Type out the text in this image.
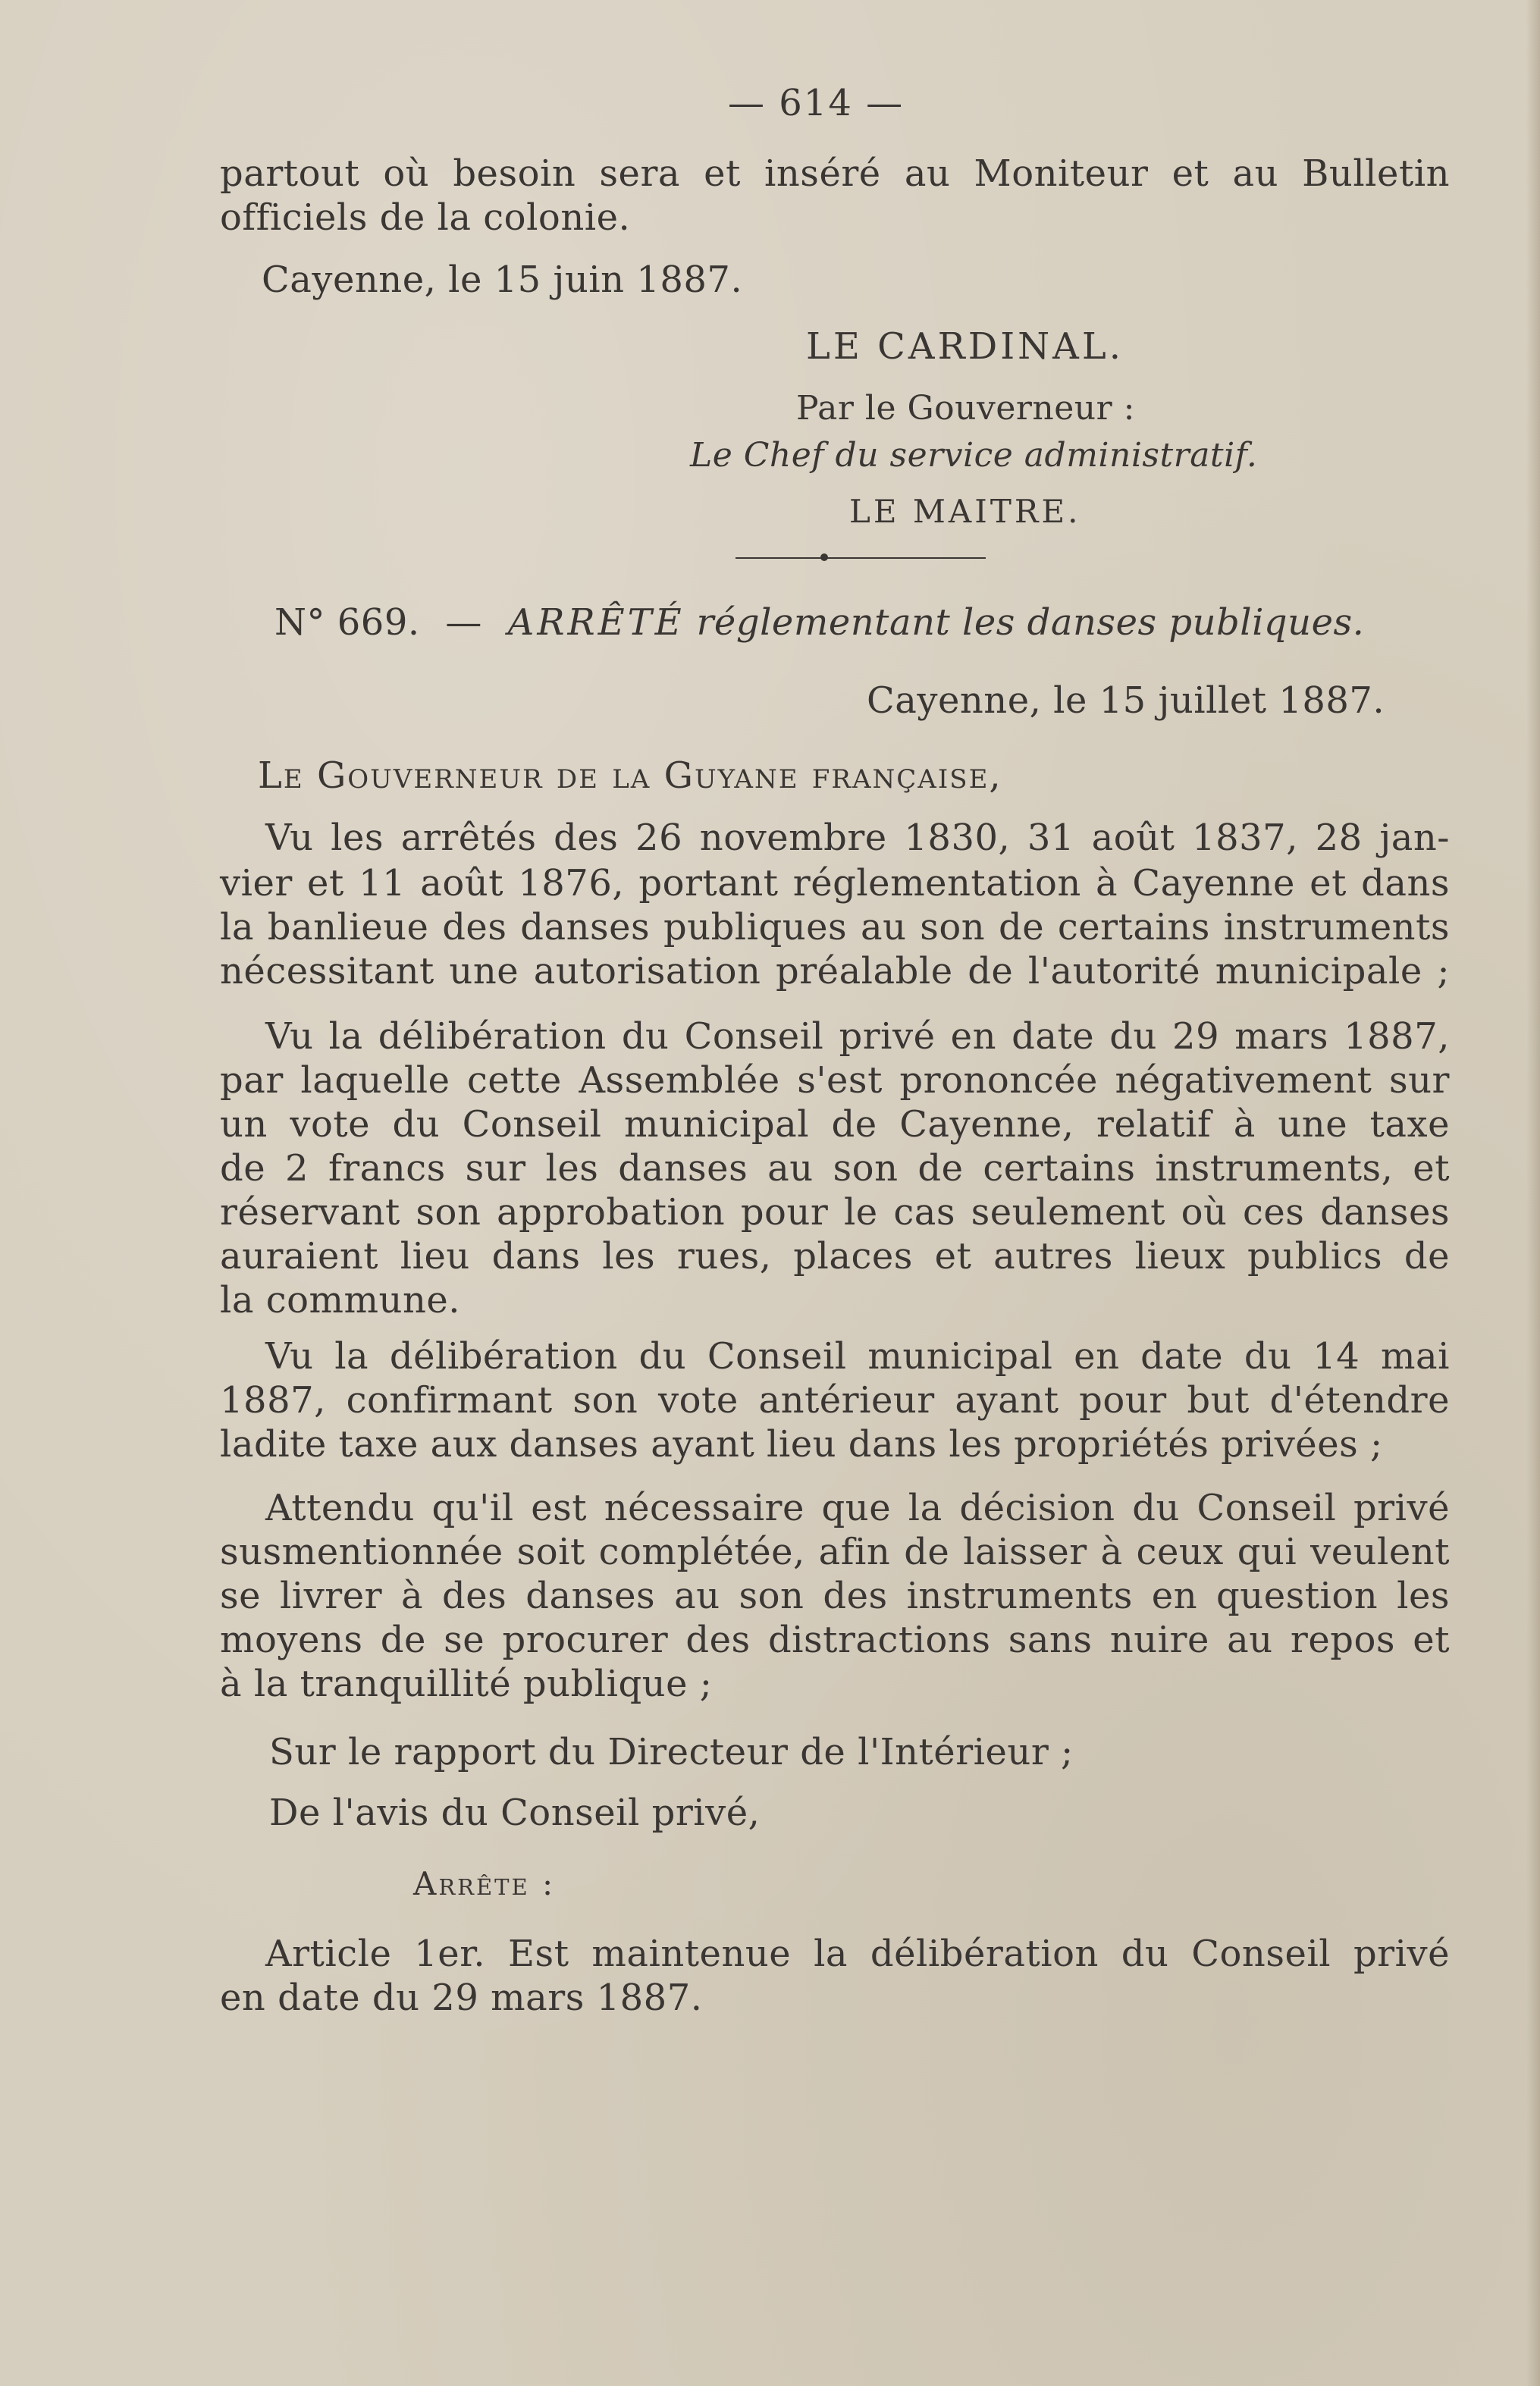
— 614 —
partout où besoin sera et inséré au Moniteur et au Bulletin
officiels de la colonie.
Cayenne, le 15 juin 1887.
LE CARDINAL.
Par le Gouverneur :
Le Chef du service administratif.
LE MAITRE.
N° 669. — ARRÊTÉ réglementant les danses publiques.
Cayenne, le 15 juillet 1887.
Le Gouverneur de la Guyane française,
Vu les arrêtés des 26 novembre 1830, 31 août 1837, 28 jan-
vier et 11 août 1876, portant réglementation à Cayenne et dans
la banlieue des danses publiques au son de certains instruments
nécessitant une autorisation préalable de l'autorité municipale ;
Vu la délibération du Conseil privé en date du 29 mars 1887,
par laquelle cette Assemblée s'est prononcée négativement sur
un vote du Conseil municipal de Cayenne, relatif à une taxe
de 2 francs sur les danses au son de certains instruments, et
réservant son approbation pour le cas seulement où ces danses
auraient lieu dans les rues, places et autres lieux publics de
la commune.
Vu la délibération du Conseil municipal en date du 14 mai
1887, confirmant son vote antérieur ayant pour but d'étendre
ladite taxe aux danses ayant lieu dans les propriétés privées ;
Attendu qu'il est nécessaire que la décision du Conseil privé
susmentionnée soit complétée, afin de laisser à ceux qui veulent
se livrer à des danses au son des instruments en question les
moyens de se procurer des distractions sans nuire au repos et
à la tranquillité publique ;
Sur le rapport du Directeur de l'Intérieur ;
De l'avis du Conseil privé,
Arrête :
Article 1er. Est maintenue la délibération du Conseil privé
en date du 29 mars 1887.
